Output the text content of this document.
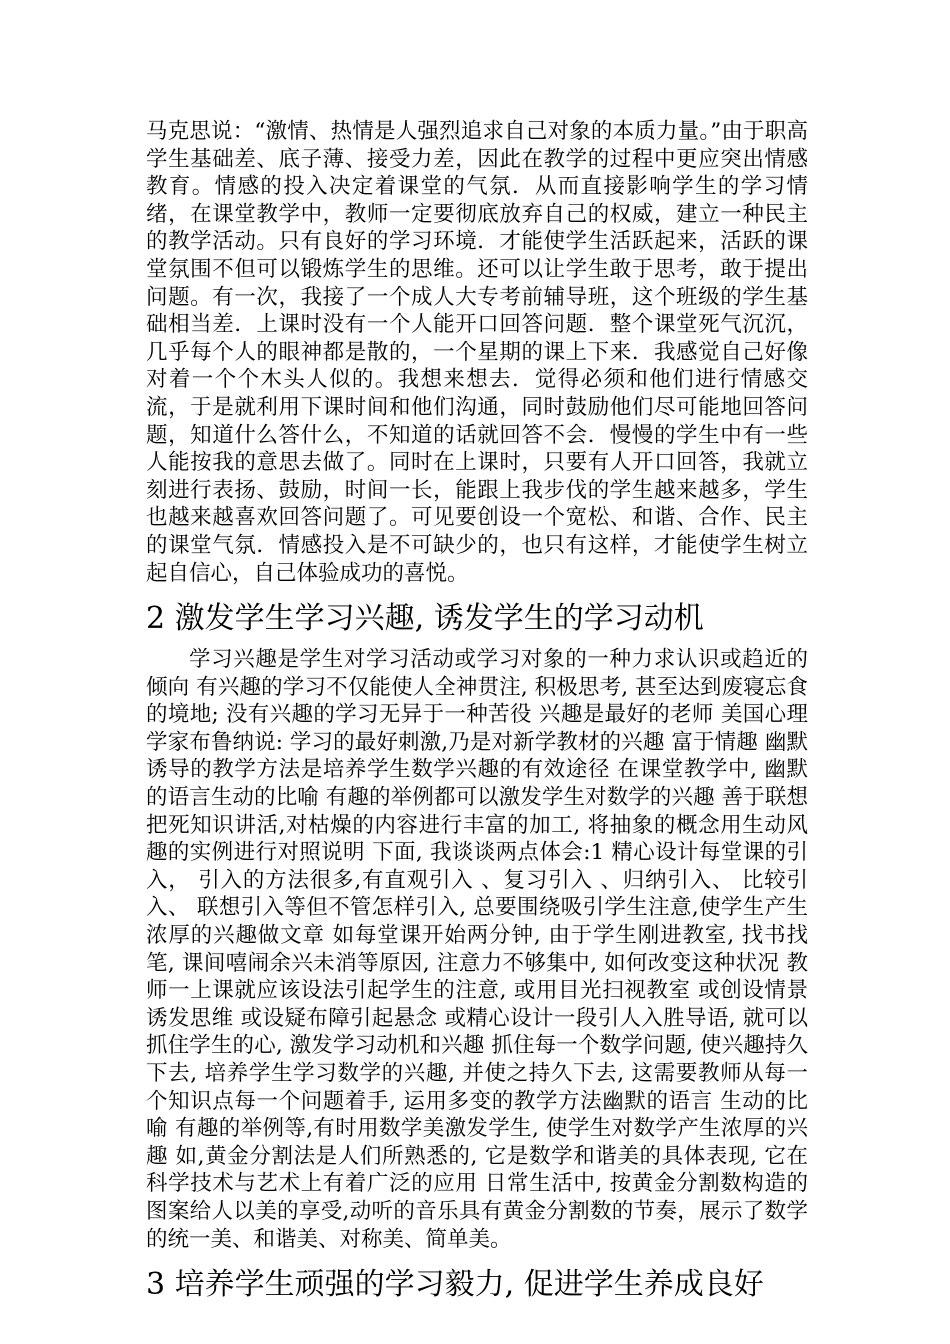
马克思说：“激情、热情是人强烈追求自己对象的本质力量。”由于职高学生基础差、底子薄、接受力差，因此在教学的过程中更应突出情感教育。情感的投入决定着课堂的气氛．从而直接影响学生的学习情绪，在课堂教学中，教师一定要彻底放弃自己的权威，建立一种民主的教学活动。只有良好的学习环境．才能使学生活跃起来，活跃的课堂氛围不但可以锻炼学生的思维。还可以让学生敢于思考，敢于提出问题。有一次，我接了一个成人大专考前辅导班，这个班级的学生基础相当差．上课时没有一个人能开口回答问题．整个课堂死气沉沉，几乎每个人的眼神都是散的，一个星期的课上下来．我感觉自己好像对着一个个木头人似的。我想来想去．觉得必须和他们进行情感交流，于是就利用下课时间和他们沟通，同时鼓励他们尽可能地回答问题，知道什么答什么，不知道的话就回答不会．慢慢的学生中有一些人能按我的意思去做了。同时在上课时，只要有人开口回答，我就立刻进行表扬、鼓励，时间一长，能跟上我步伐的学生越来越多，学生也越来越喜欢回答问题了。可见要创设一个宽松、和谐、合作、民主的课堂气氛．情感投入是不可缺少的，也只有这样，才能使学生树立起自信心，自己体验成功的喜悦。

2 激发学生学习兴趣, 诱发学生的学习动机

学习兴趣是学生对学习活动或学习对象的一种力求认识或趋近的倾向 有兴趣的学习不仅能使人全神贯注, 积极思考, 甚至达到废寝忘食的境地; 没有兴趣的学习无异于一种苦役 兴趣是最好的老师 美国心理学家布鲁纳说: 学习的最好刺激,乃是对新学教材的兴趣 富于情趣 幽默 诱导的教学方法是培养学生数学兴趣的有效途径 在课堂教学中, 幽默的语言生动的比喻 有趣的举例都可以激发学生对数学的兴趣 善于联想把死知识讲活,对枯燥的内容进行丰富的加工, 将抽象的概念用生动风趣的实例进行对照说明 下面, 我谈谈两点体会:1 精心设计每堂课的引入， 引入的方法很多,有直观引入 、复习引入 、归纳引入、 比较引入、 联想引入等但不管怎样引入, 总要围绕吸引学生注意,使学生产生浓厚的兴趣做文章 如每堂课开始两分钟, 由于学生刚进教室, 找书找笔, 课间嘻闹余兴未消等原因, 注意力不够集中, 如何改变这种状况 教师一上课就应该设法引起学生的注意, 或用目光扫视教室 或创设情景诱发思维 或设疑布障引起悬念 或精心设计一段引人入胜导语, 就可以抓住学生的心, 激发学习动机和兴趣 抓住每一个数学问题, 使兴趣持久下去, 培养学生学习数学的兴趣, 并使之持久下去, 这需要教师从每一个知识点每一个问题着手, 运用多变的教学方法幽默的语言 生动的比喻 有趣的举例等,有时用数学美激发学生, 使学生对数学产生浓厚的兴趣 如,黄金分割法是人们所熟悉的, 它是数学和谐美的具体表现, 它在科学技术与艺术上有着广泛的应用 日常生活中, 按黄金分割数构造的图案给人以美的享受,动听的音乐具有黄金分割数的节奏，展示了数学的统一美、和谐美、对称美、简单美。

3 培养学生顽强的学习毅力, 促进学生养成良好
